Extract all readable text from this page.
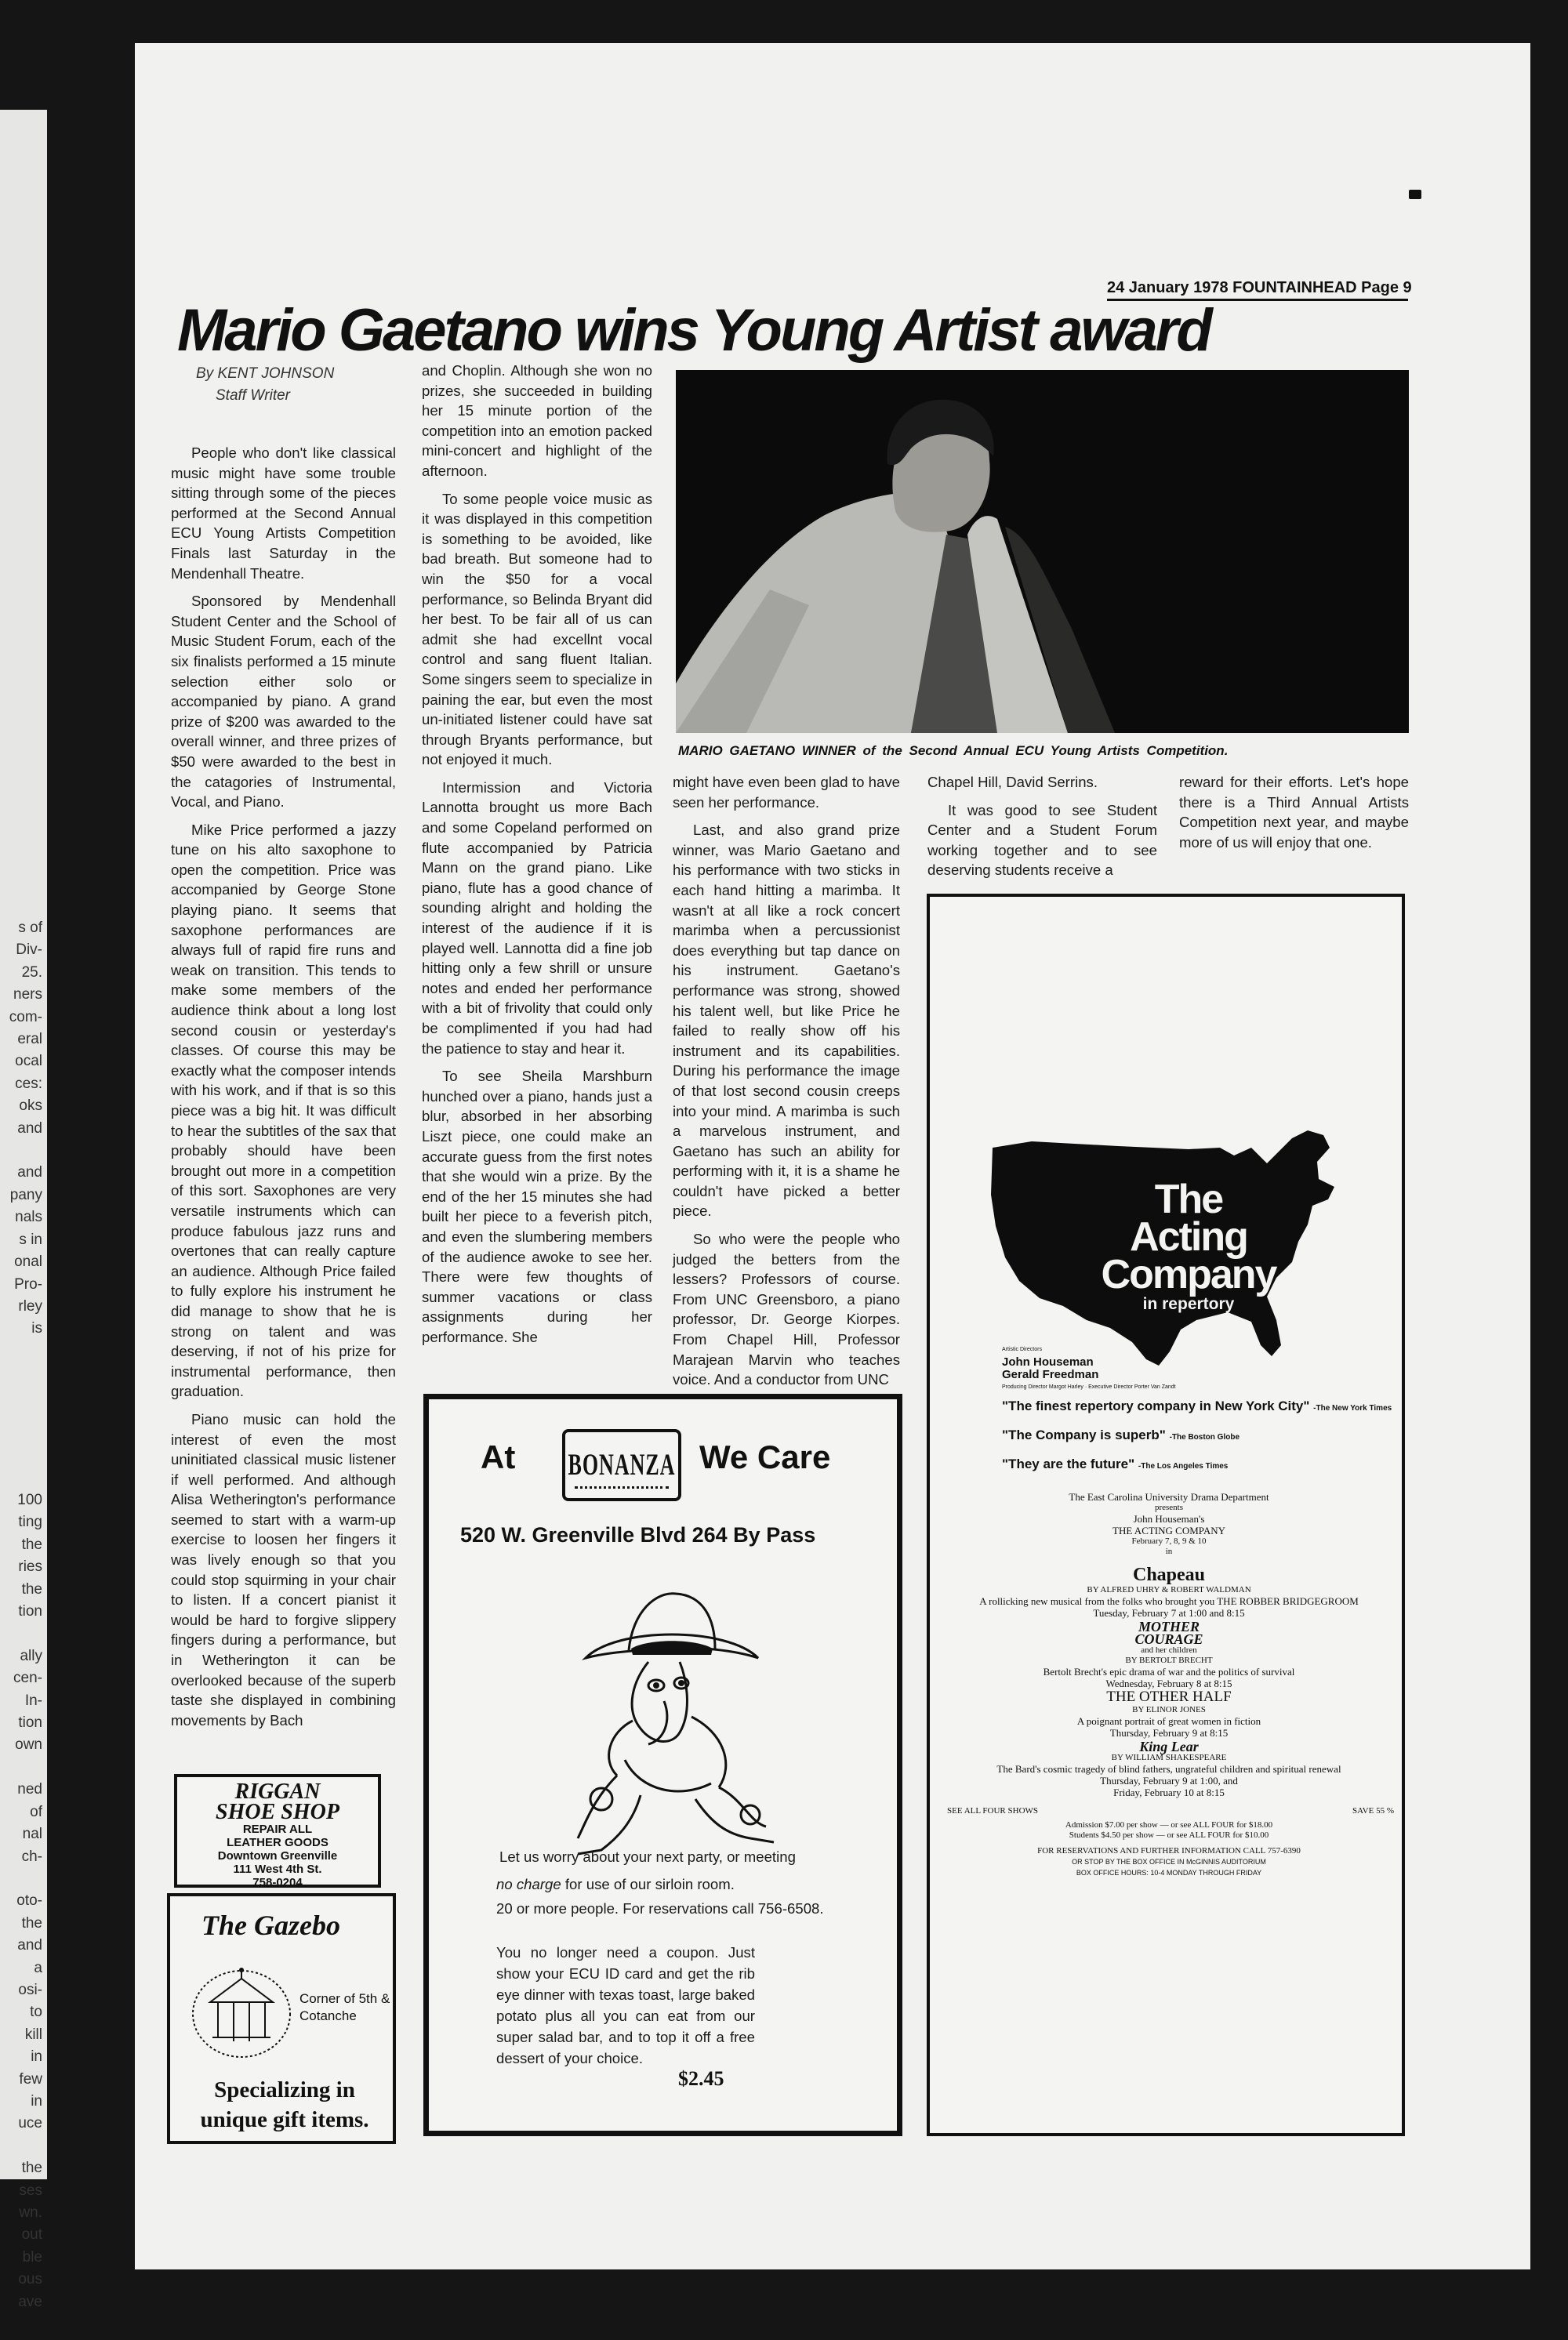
s of
Div-
25.
ners
com-
eral
ocal
ces:
oks
and

and
pany
nals
s in
onal
Pro-
rley
is
100
ting
the
ries
the
tion

ally
cen-
In-
tion
own

ned
of
nal
ch-

oto-
the
and
a
osi-
to
kill
in
few
in
uce

the
ses
wn.
out
ble
ous
ave
24 January 1978 FOUNTAINHEAD Page 9
Mario Gaetano wins Young Artist award
By KENT JOHNSON
Staff Writer

People who don't like classical music might have some trouble sitting through some of the pieces performed at the Second Annual ECU Young Artists Competition Finals last Saturday in the Mendenhall Theatre.

Sponsored by Mendenhall Student Center and the School of Music Student Forum, each of the six finalists performed a 15 minute selection either solo or accompanied by piano. A grand prize of $200 was awarded to the overall winner, and three prizes of $50 were awarded to the best in the catagories of Instrumental, Vocal, and Piano.

Mike Price performed a jazzy tune on his alto saxophone to open the competition. Price was accompanied by George Stone playing piano. It seems that saxophone performances are always full of rapid fire runs and weak on transition. This tends to make some members of the audience think about a long lost second cousin or yesterday's classes. Of course this may be exactly what the composer intends with his work, and if that is so this piece was a big hit. It was difficult to hear the subtitles of the sax that probably should have been brought out more in a competition of this sort. Saxophones are very versatile instruments which can produce fabulous jazz runs and overtones that can really capture an audience. Although Price failed to fully explore his instrument he did manage to show that he is strong on talent and was deserving, if not of his prize for instrumental performance, then graduation.

Piano music can hold the interest of even the most uninitiated classical music listener if well performed. And although Alisa Wetherington's performance seemed to start with a warm-up exercise to loosen her fingers it was lively enough so that you could stop squirming in your chair to listen. If a concert pianist it would be hard to forgive slippery fingers during a performance, but in Wetherington it can be overlooked because of the superb taste she displayed in combining movements by Bach

and Choplin. Although she won no prizes, she succeeded in building her 15 minute portion of the competition into an emotion packed mini-concert and highlight of the afternoon.

To some people voice music as it was displayed in this competition is something to be avoided, like bad breath. But someone had to win the $50 for a vocal performance, so Belinda Bryant did her best. To be fair all of us can admit she had excellnt vocal control and sang fluent Italian. Some singers seem to specialize in paining the ear, but even the most un-initiated listener could have sat through Bryants performance, but not enjoyed it much.

Intermission and Victoria Lannotta brought us more Bach and some Copeland performed on flute accompanied by Patricia Mann on the grand piano. Like piano, flute has a good chance of sounding alright and holding the interest of the audience if it is played well. Lannotta did a fine job hitting only a few shrill or unsure notes and ended her performance with a bit of frivolity that could only be complimented if you had had the patience to stay and hear it.

To see Sheila Marshburn hunched over a piano, hands just a blur, absorbed in her absorbing Liszt piece, one could make an accurate guess from the first notes that she would win a prize. By the end of the her 15 minutes she had built her piece to a feverish pitch, and even the slumbering members of the audience awoke to see her. There were few thoughts of summer vacations or class assignments during her performance. She

MARIO GAETANO WINNER of the Second Annual ECU Young Artists Competition.

might have even been glad to have seen her performance.

Last, and also grand prize winner, was Mario Gaetano and his performance with two sticks in each hand hitting a marimba. It wasn't at all like a rock concert marimba when a percussionist does everything but tap dance on his instrument. Gaetano's performance was strong, showed his talent well, but like Price he failed to really show off his instrument and its capabilities. During his performance the image of that lost second cousin creeps into your mind. A marimba is such a marvelous instrument, and Gaetano has such an ability for performing with it, it is a shame he couldn't have picked a better piece.

So who were the people who judged the betters from the lessers? Professors of course. From UNC Greensboro, a piano professor, Dr. George Kiorpes. From Chapel Hill, Professor Marajean Marvin who teaches voice. And a conductor from UNC

Chapel Hill, David Serrins.

It was good to see Student Center and a Student Forum working together and to see deserving students receive a

reward for their efforts. Let's hope there is a Third Annual Artists Competition next year, and maybe more of us will enjoy that one.

At	BONANZA We Care
520 W. Greenville Blvd 264 By Pass
Let us worry about your next party, or meeting
no charge for use of our sirloin room.
20 or more people. For reservations call 756-6508.
You no longer need a coupon. Just show your ECU ID card and get the rib eye dinner with texas toast, large baked potato plus all you can eat from our super salad bar, and to top it off a free dessert of your choice.
$2.45
RIGGAN
SHOE SHOP
REPAIR ALL
LEATHER GOODS
Downtown Greenville
111 West 4th St.
758-0204
The Gazebo
Corner of 5th &
Cotanche
Specializing in
unique gift items.
The
Acting
Company
in repertory
Artistic Directors
John Houseman
Gerald Freedman
Producing Director Margot Harley · Executive Director Porter Van Zandt
"The finest repertory company in New York City" -The New York Times
"The Company is superb" -The Boston Globe
"They are the future" -The Los Angeles Times
The East Carolina University Drama Department
presents
John Houseman's
THE ACTING COMPANY
February 7, 8, 9 & 10
in
Chapeau
BY ALFRED UHRY & ROBERT WALDMAN
A rollicking new musical from the folks who brought you THE ROBBER BRIDGEGROOM
Tuesday, February 7 at 1:00 and 8:15
MOTHER
COURAGE
and her children
BY BERTOLT BRECHT
Bertolt Brecht's epic drama of war and the politics of survival
Wednesday, February 8 at 8:15
THE OTHER HALF
BY ELINOR JONES
A poignant portrait of great women in fiction
Thursday, February 9 at 8:15
King Lear
BY WILLIAM SHAKESPEARE
The Bard's cosmic tragedy of blind fathers, ungrateful children and spiritual renewal
Thursday, February 9 at 1:00, and
Friday, February 10 at 8:15
SEE ALL FOUR SHOWS	SAVE 55 %
Admission $7.00 per show — or see ALL FOUR for $18.00
Students $4.50 per show — or see ALL FOUR for $10.00
FOR RESERVATIONS AND FURTHER INFORMATION CALL 757-6390
OR STOP BY THE BOX OFFICE IN McGINNIS AUDITORIUM
BOX OFFICE HOURS: 10-4 MONDAY THROUGH FRIDAY
